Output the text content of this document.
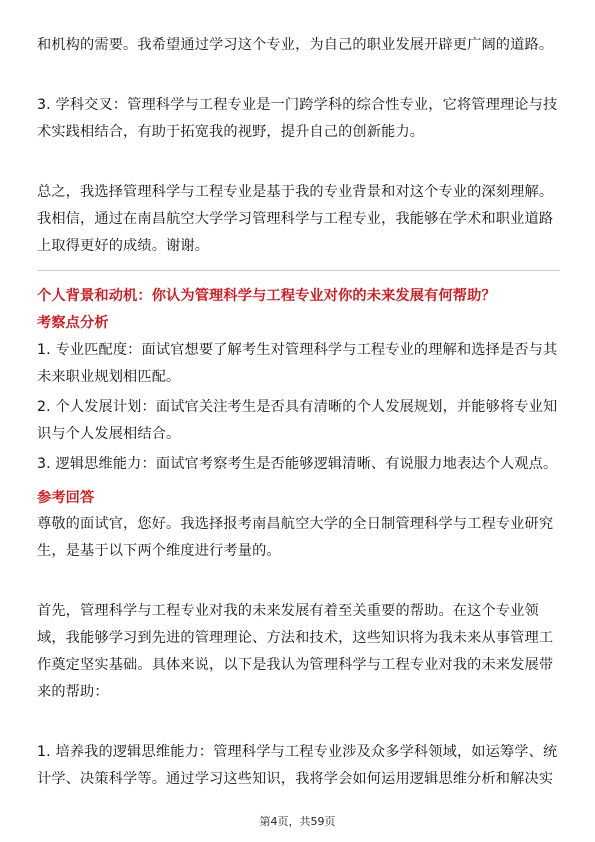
和机构的需要。我希望通过学习这个专业，为自己的职业发展开辟更广阔的道路。
3. 学科交叉：管理科学与工程专业是一门跨学科的综合性专业，它将管理理论与技
术实践相结合，有助于拓宽我的视野，提升自己的创新能力。
总之，我选择管理科学与工程专业是基于我的专业背景和对这个专业的深刻理解。
我相信，通过在南昌航空大学学习管理科学与工程专业，我能够在学术和职业道路
上取得更好的成绩。谢谢。
个人背景和动机：你认为管理科学与工程专业对你的未来发展有何帮助？
考察点分析
1. 专业匹配度：面试官想要了解考生对管理科学与工程专业的理解和选择是否与其
未来职业规划相匹配。
2. 个人发展计划：面试官关注考生是否具有清晰的个人发展规划，并能够将专业知
识与个人发展相结合。
3. 逻辑思维能力：面试官考察考生是否能够逻辑清晰、有说服力地表达个人观点。
参考回答
尊敬的面试官，您好。我选择报考南昌航空大学的全日制管理科学与工程专业研究
生，是基于以下两个维度进行考量的。
首先，管理科学与工程专业对我的未来发展有着至关重要的帮助。在这个专业领
域，我能够学习到先进的管理理论、方法和技术，这些知识将为我未来从事管理工
作奠定坚实基础。具体来说，以下是我认为管理科学与工程专业对我的未来发展带
来的帮助：
1. 培养我的逻辑思维能力：管理科学与工程专业涉及众多学科领域，如运筹学、统
计学、决策科学等。通过学习这些知识，我将学会如何运用逻辑思维分析和解决实
第4页，共59页
